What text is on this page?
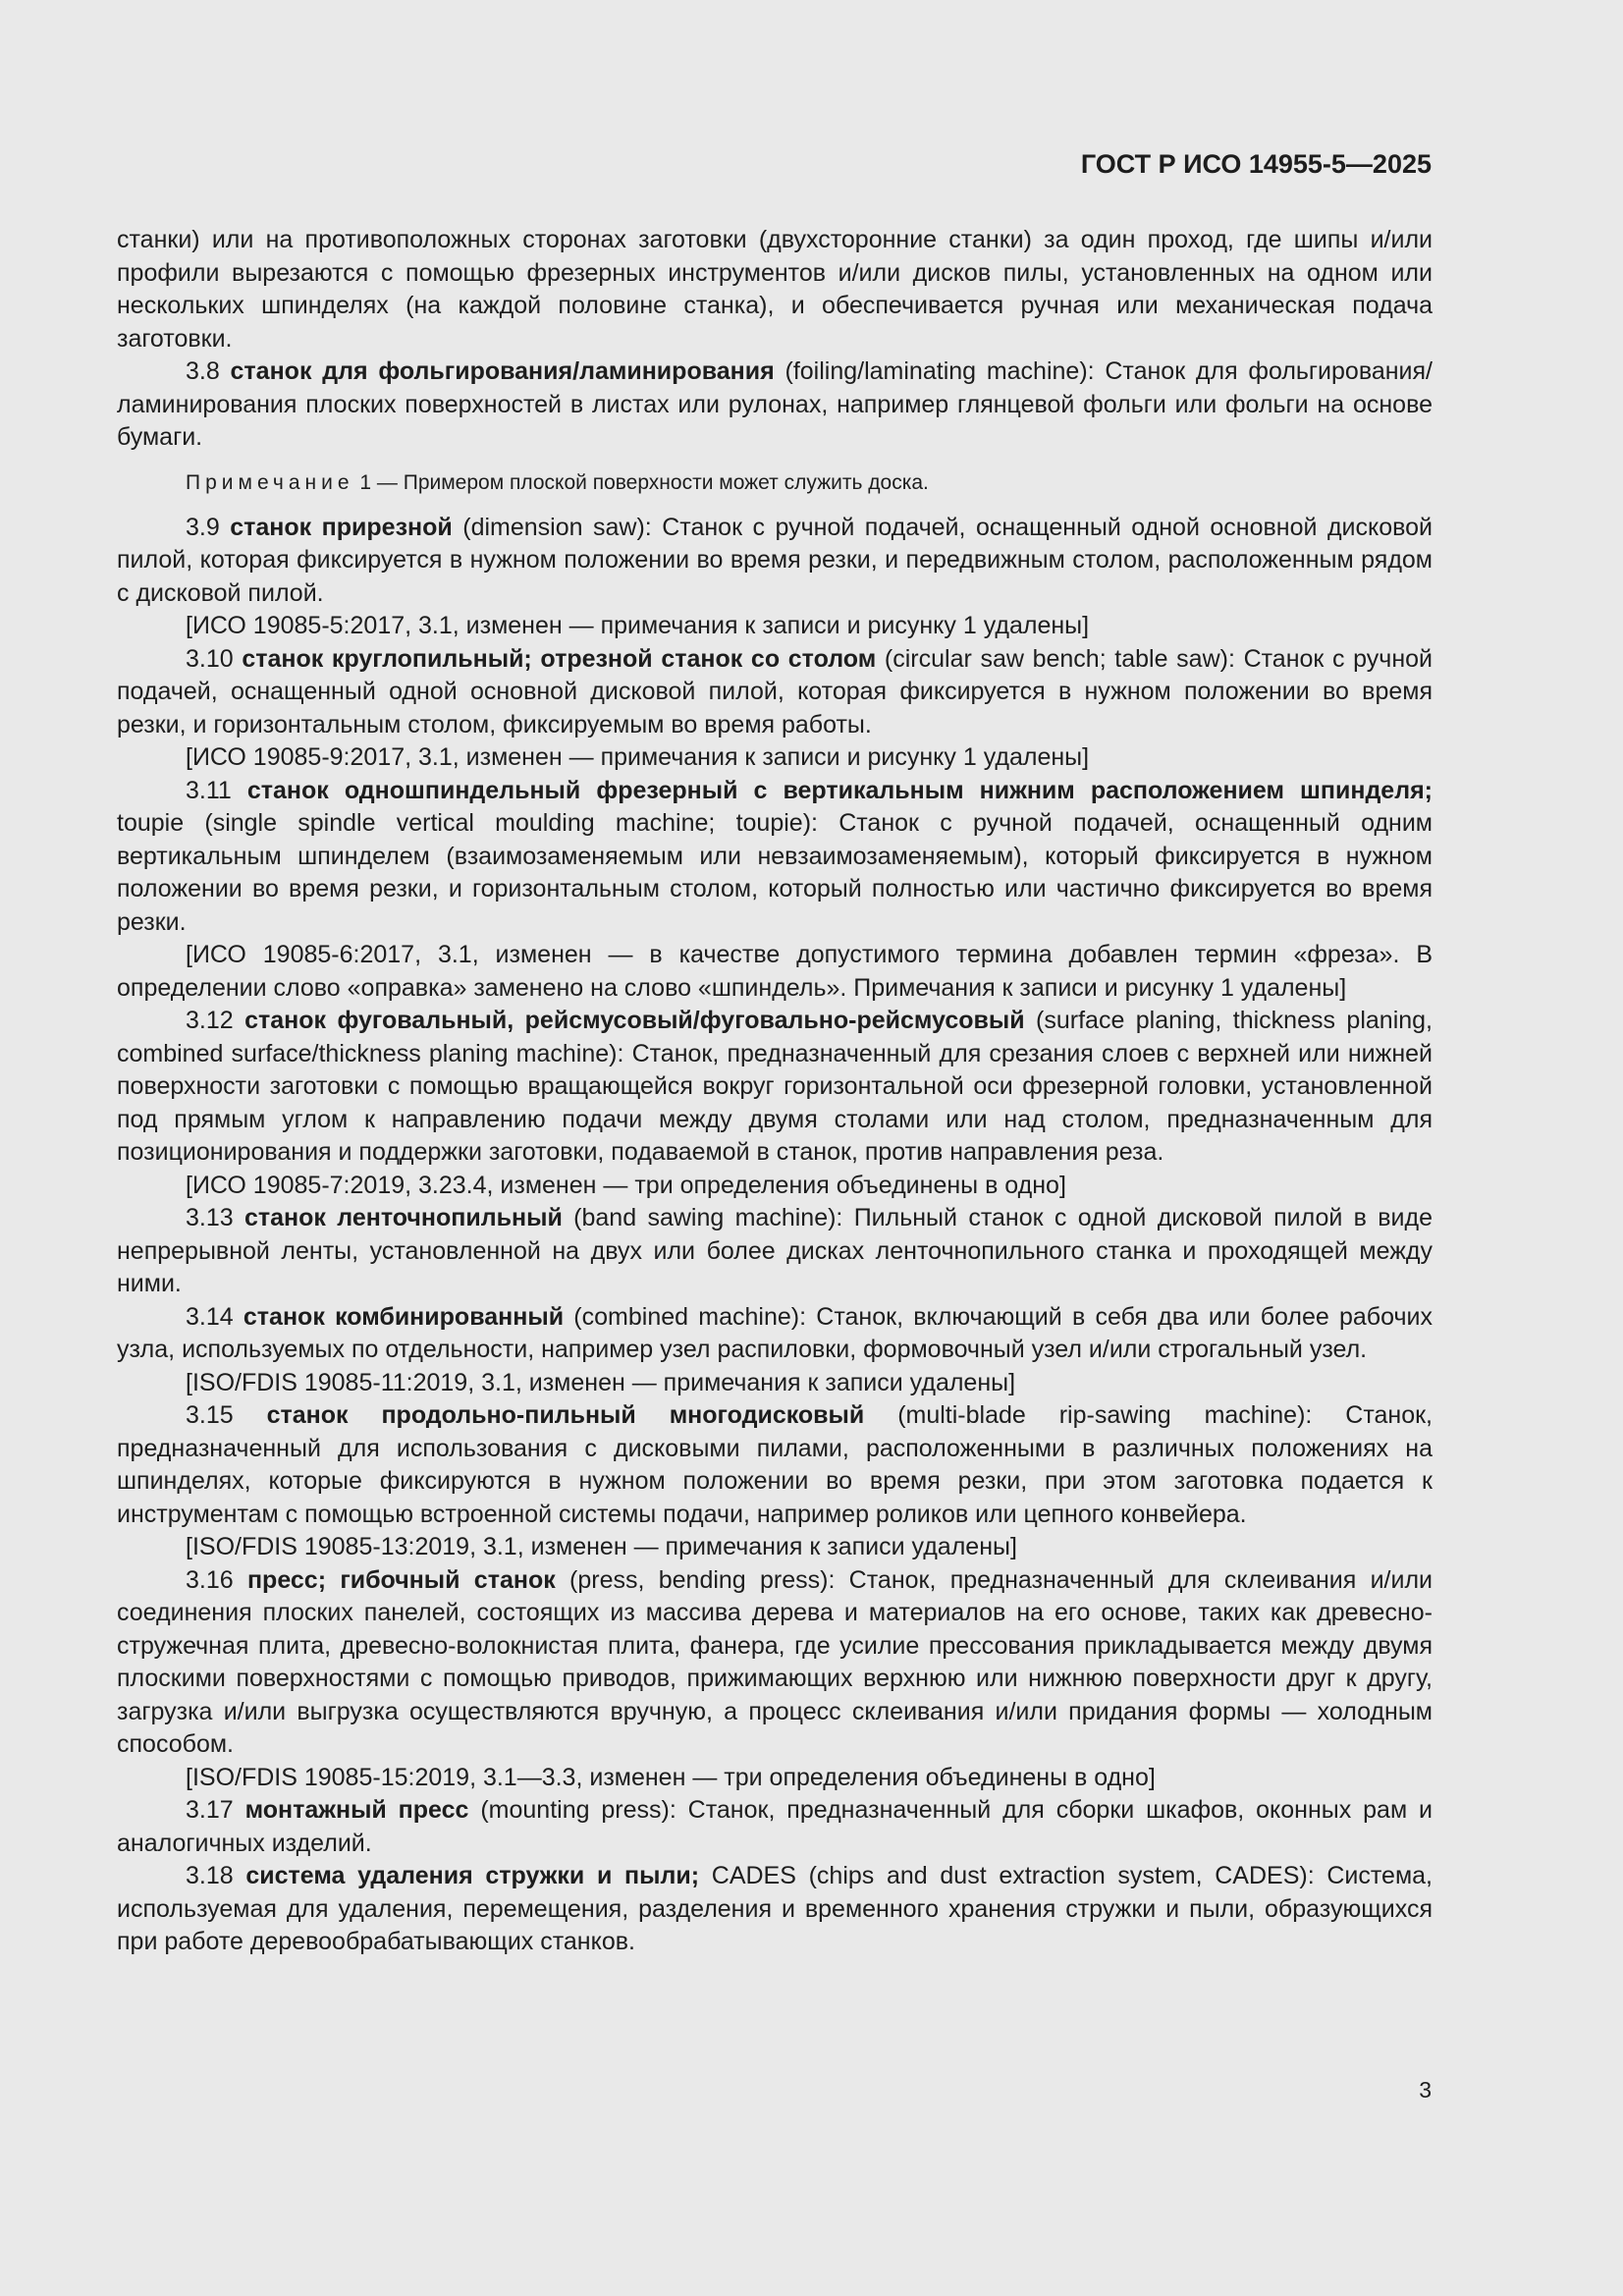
ГОСТ Р ИСО 14955-5—2025

станки) или на противоположных сторонах заготовки (двухсторонние станки) за один проход, где шипы и/или профили вырезаются с помощью фрезерных инструментов и/или дисков пилы, установленных на одном или нескольких шпинделях (на каждой половине станка), и обеспечивается ручная или механическая подача заготовки.

3.8 станок для фольгирования/ламинирования (foiling/laminating machine): Станок для фольгирования/ламинирования плоских поверхностей в листах или рулонах, например глянцевой фольги или фольги на основе бумаги.

Примечание 1 — Примером плоской поверхности может служить доска.

3.9 станок прирезной (dimension saw): Станок с ручной подачей, оснащенный одной основной дисковой пилой, которая фиксируется в нужном положении во время резки, и передвижным столом, расположенным рядом с дисковой пилой.

[ИСО 19085-5:2017, 3.1, изменен — примечания к записи и рисунку 1 удалены]

3.10 станок круглопильный; отрезной станок со столом (circular saw bench; table saw): Станок с ручной подачей, оснащенный одной основной дисковой пилой, которая фиксируется в нужном положении во время резки, и горизонтальным столом, фиксируемым во время работы.

[ИСО 19085-9:2017, 3.1, изменен — примечания к записи и рисунку 1 удалены]

3.11 станок одношпиндельный фрезерный с вертикальным нижним расположением шпинделя; toupie (single spindle vertical moulding machine; toupie): Станок с ручной подачей, оснащенный одним вертикальным шпинделем (взаимозаменяемым или невзаимозаменяемым), который фиксируется в нужном положении во время резки, и горизонтальным столом, который полностью или частично фиксируется во время резки.

[ИСО 19085-6:2017, 3.1, изменен — в качестве допустимого термина добавлен термин «фреза». В определении слово «оправка» заменено на слово «шпиндель». Примечания к записи и рисунку 1 удалены]

3.12 станок фуговальный, рейсмусовый/фуговально-рейсмусовый (surface planing, thickness planing, combined surface/thickness planing machine): Станок, предназначенный для срезания слоев с верхней или нижней поверхности заготовки с помощью вращающейся вокруг горизонтальной оси фрезерной головки, установленной под прямым углом к направлению подачи между двумя столами или над столом, предназначенным для позиционирования и поддержки заготовки, подаваемой в станок, против направления реза.

[ИСО 19085-7:2019, 3.23.4, изменен — три определения объединены в одно]

3.13 станок ленточнопильный (band sawing machine): Пильный станок с одной дисковой пилой в виде непрерывной ленты, установленной на двух или более дисках ленточнопильного станка и проходящей между ними.

3.14 станок комбинированный (combined machine): Станок, включающий в себя два или более рабочих узла, используемых по отдельности, например узел распиловки, формовочный узел и/или строгальный узел.

[ISO/FDIS 19085-11:2019, 3.1, изменен — примечания к записи удалены]

3.15 станок продольно-пильный многодисковый (multi-blade rip-sawing machine): Станок, предназначенный для использования с дисковыми пилами, расположенными в различных положениях на шпинделях, которые фиксируются в нужном положении во время резки, при этом заготовка подается к инструментам с помощью встроенной системы подачи, например роликов или цепного конвейера.

[ISO/FDIS 19085-13:2019, 3.1, изменен — примечания к записи удалены]

3.16 пресс; гибочный станок (press, bending press): Станок, предназначенный для склеивания и/или соединения плоских панелей, состоящих из массива дерева и материалов на его основе, таких как древесно-стружечная плита, древесно-волокнистая плита, фанера, где усилие прессования прикладывается между двумя плоскими поверхностями с помощью приводов, прижимающих верхнюю или нижнюю поверхности друг к другу, загрузка и/или выгрузка осуществляются вручную, а процесс склеивания и/или придания формы — холодным способом.

[ISO/FDIS 19085-15:2019, 3.1—3.3, изменен — три определения объединены в одно]

3.17 монтажный пресс (mounting press): Станок, предназначенный для сборки шкафов, оконных рам и аналогичных изделий.

3.18 система удаления стружки и пыли; CADES (chips and dust extraction system, CADES): Система, используемая для удаления, перемещения, разделения и временного хранения стружки и пыли, образующихся при работе деревообрабатывающих станков.

3
